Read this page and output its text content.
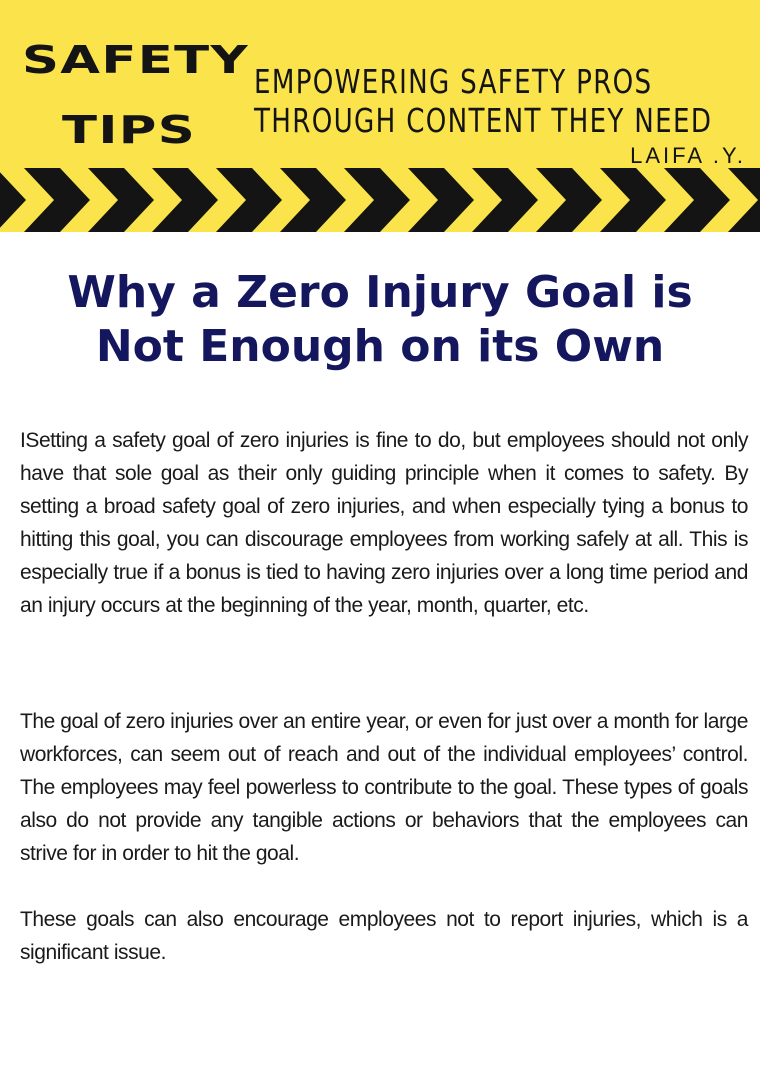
SAFETY
TIPS
EMPOWERING SAFETY PROS
THROUGH CONTENT THEY NEED
LAIFA .Y.
Why a Zero Injury Goal is
Not Enough on its Own

ISetting a safety goal of zero injuries is fine to do, but employees should not only have that sole goal as their only guiding principle when it comes to safety. By setting a broad safety goal of zero injuries, and when especially tying a bonus to hitting this goal, you can discourage employees from working safely at all. This is especially true if a bonus is tied to having zero injuries over a long time period and an injury occurs at the beginning of the year, month, quarter, etc.

The goal of zero injuries over an entire year, or even for just over a month for large workforces, can seem out of reach and out of the individual employees’ control. The employees may feel powerless to contribute to the goal. These types of goals also do not provide any tangible actions or behaviors that the employees can strive for in order to hit the goal.

These goals can also encourage employees not to report injuries, which is a significant issue.
